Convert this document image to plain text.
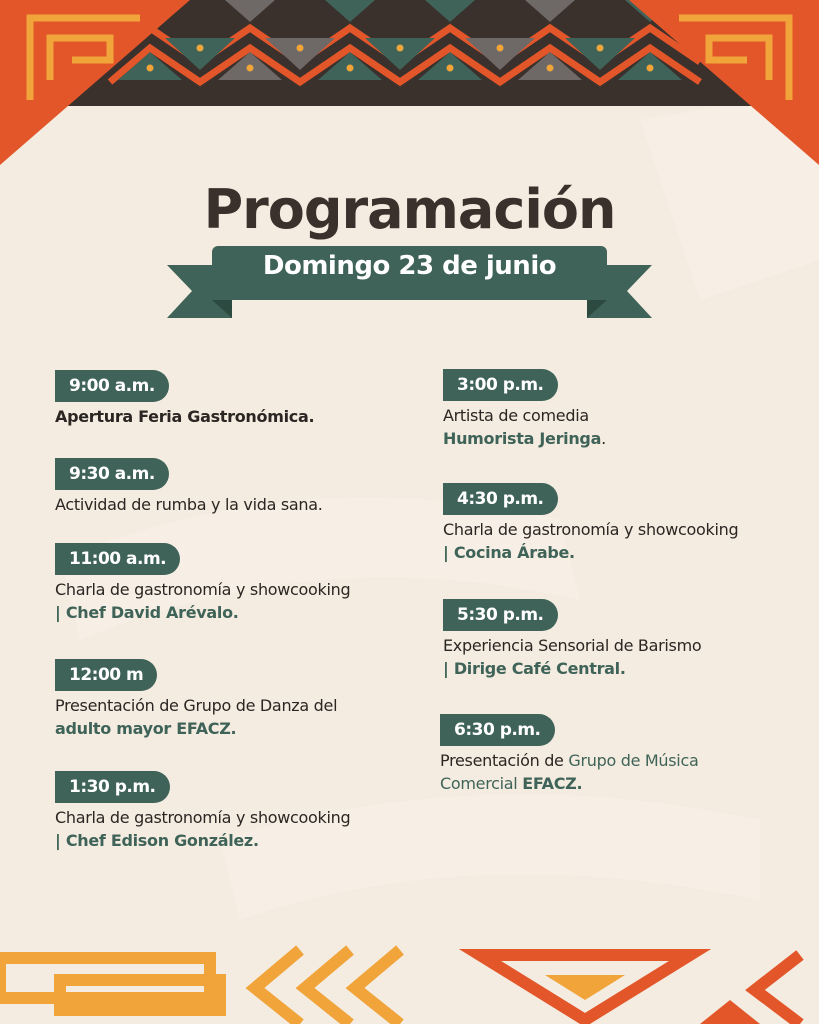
Programación
Domingo 23 de junio
9:00 a.m.
Apertura Feria Gastronómica.
9:30 a.m.
Actividad de rumba y la vida sana.
11:00 a.m.
Charla de gastronomía y showcooking
| Chef David Arévalo.
12:00 m
Presentación de Grupo de Danza del
adulto mayor EFACZ.
1:30 p.m.
Charla de gastronomía y showcooking
| Chef Edison González.
3:00 p.m.
Artista de comedia
Humorista Jeringa.
4:30 p.m.
Charla de gastronomía y showcooking
| Cocina Árabe.
5:30 p.m.
Experiencia Sensorial de Barismo
| Dirige Café Central.
6:30 p.m.
Presentación de Grupo de Música
Comercial EFACZ.
